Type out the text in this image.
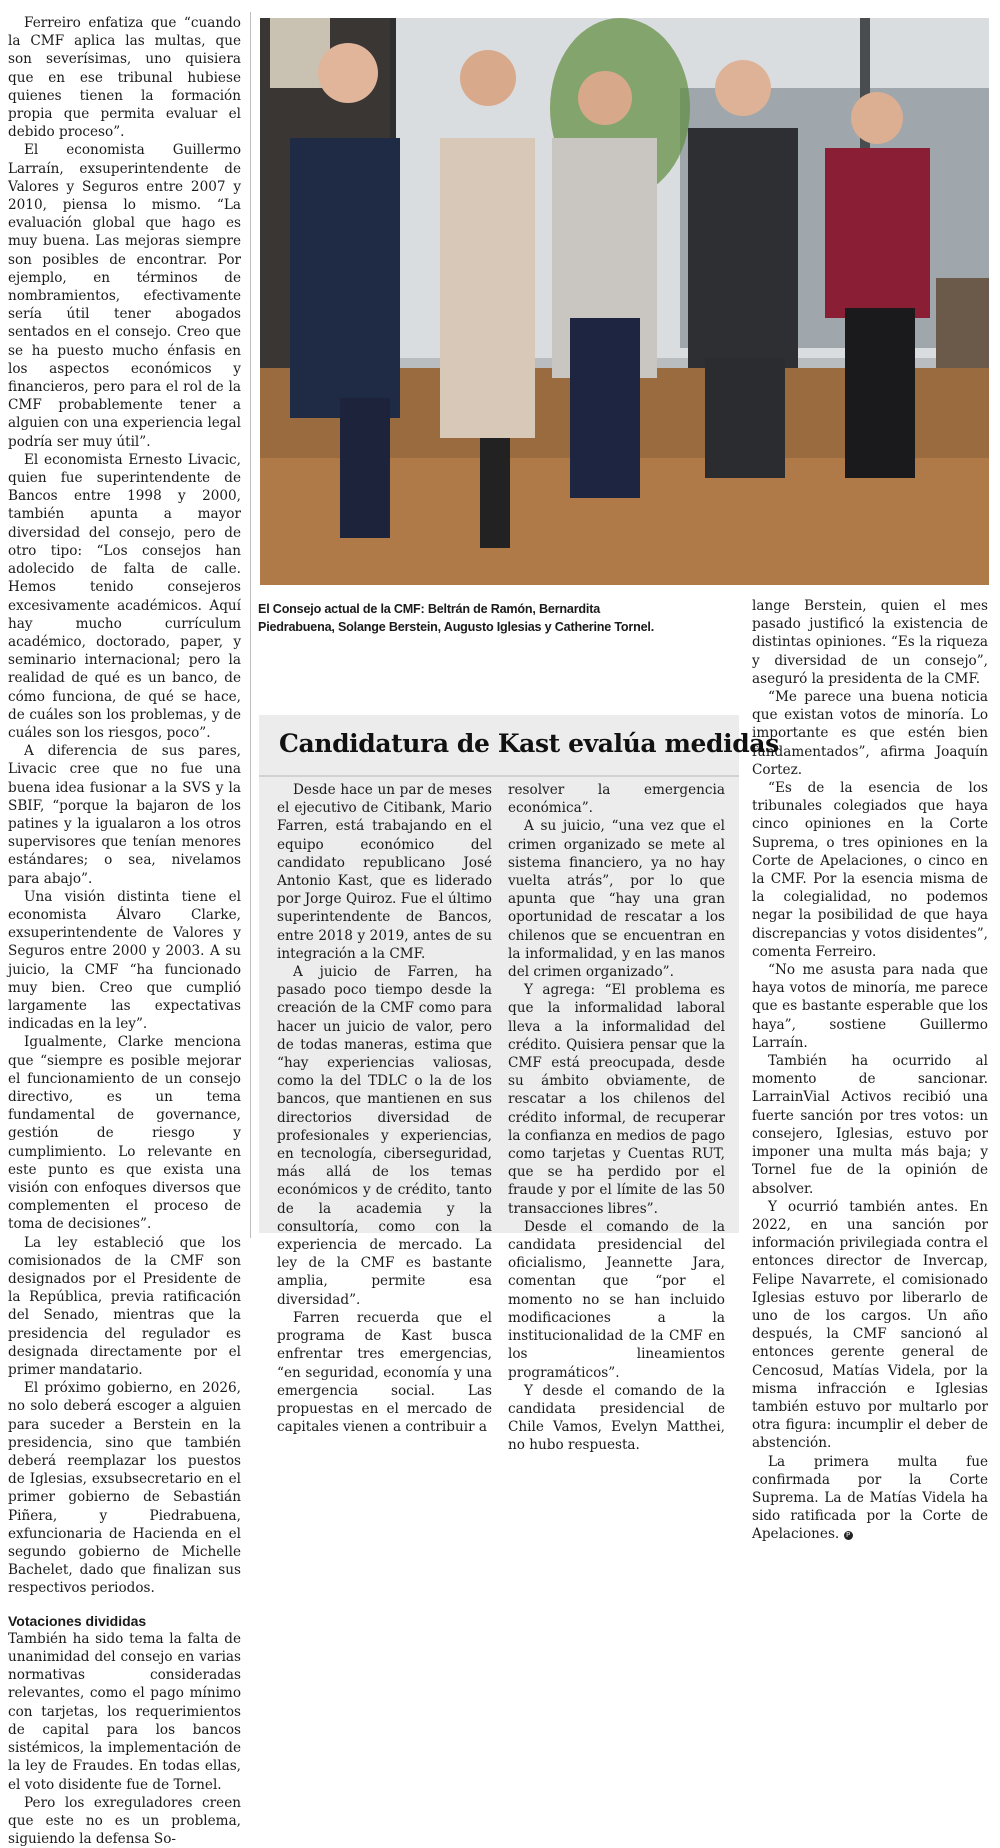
Ferreiro enfatiza que “cuando la CMF aplica las multas, que son severísimas, uno quisiera que en ese tribunal hubiese quienes tienen la formación propia que permita evaluar el debido proceso”.

El economista Guillermo Larraín, exsuperintendente de Valores y Seguros entre 2007 y 2010, piensa lo mismo. “La evaluación global que hago es muy buena. Las mejoras siempre son posibles de encontrar. Por ejemplo, en términos de nombramientos, efectivamente sería útil tener abogados sentados en el consejo. Creo que se ha puesto mucho énfasis en los aspectos económicos y financieros, pero para el rol de la CMF probablemente tener a alguien con una experiencia legal podría ser muy útil”.

El economista Ernesto Livacic, quien fue superintendente de Bancos entre 1998 y 2000, también apunta a mayor diversidad del consejo, pero de otro tipo: “Los consejos han adolecido de falta de calle. Hemos tenido consejeros excesivamente académicos. Aquí hay mucho currículum académico, doctorado, paper, y seminario internacional; pero la realidad de qué es un banco, de cómo funciona, de qué se hace, de cuáles son los problemas, y de cuáles son los riesgos, poco”.

A diferencia de sus pares, Livacic cree que no fue una buena idea fusionar a la SVS y la SBIF, “porque la bajaron de los patines y la igualaron a los otros supervisores que tenían menores estándares; o sea, nivelamos para abajo”.

Una visión distinta tiene el economista Álvaro Clarke, exsuperintendente de Valores y Seguros entre 2000 y 2003. A su juicio, la CMF “ha funcionado muy bien. Creo que cumplió largamente las expectativas indicadas en la ley”.

Igualmente, Clarke menciona que “siempre es posible mejorar el funcionamiento de un consejo directivo, es un tema fundamental de governance, gestión de riesgo y cumplimiento. Lo relevante en este punto es que exista una visión con enfoques diversos que complementen el proceso de toma de decisiones”.

La ley estableció que los comisionados de la CMF son designados por el Presidente de la República, previa ratificación del Senado, mientras que la presidencia del regulador es designada directamente por el primer mandatario.

El próximo gobierno, en 2026, no solo deberá escoger a alguien para suceder a Berstein en la presidencia, sino que también deberá reemplazar los puestos de Iglesias, exsubsecretario en el primer gobierno de Sebastián Piñera, y Piedrabuena, exfuncionaria de Hacienda en el segundo gobierno de Michelle Bachelet, dado que finalizan sus respectivos periodos.

Votaciones divididas

También ha sido tema la falta de unanimidad del consejo en varias normativas consideradas relevantes, como el pago mínimo con tarjetas, los requerimientos de capital para los bancos sistémicos, la implementación de la ley de Fraudes. En todas ellas, el voto disidente fue de Tornel.

Pero los exreguladores creen que este no es un problema, siguiendo la defensa So-

El Consejo actual de la CMF: Beltrán de Ramón, Bernardita Piedrabuena, Solange Berstein, Augusto Iglesias y Catherine Tornel.

lange Berstein, quien el mes pasado justificó la existencia de distintas opiniones. “Es la riqueza y diversidad de un consejo”, aseguró la presidenta de la CMF.

“Me parece una buena noticia que existan votos de minoría. Lo importante es que estén bien fundamentados”, afirma Joaquín Cortez.

“Es de la esencia de los tribunales colegiados que haya cinco opiniones en la Corte Suprema, o tres opiniones en la Corte de Apelaciones, o cinco en la CMF. Por la esencia misma de la colegialidad, no podemos negar la posibilidad de que haya discrepancias y votos disidentes”, comenta Ferreiro.

“No me asusta para nada que haya votos de minoría, me parece que es bastante esperable que los haya”, sostiene Guillermo Larraín.

También ha ocurrido al momento de sancionar. LarrainVial Activos recibió una fuerte sanción por tres votos: un consejero, Iglesias, estuvo por imponer una multa más baja; y Tornel fue de la opinión de absolver.

Y ocurrió también antes. En 2022, en una sanción por información privilegiada contra el entonces director de Invercap, Felipe Navarrete, el comisionado Iglesias estuvo por liberarlo de uno de los cargos. Un año después, la CMF sancionó al entonces gerente general de Cencosud, Matías Videla, por la misma infracción e Iglesias también estuvo por multarlo por otra figura: incumplir el deber de abstención.

La primera multa fue confirmada por la Corte Suprema. La de Matías Videla ha sido ratificada por la Corte de Apelaciones. P

Candidatura de Kast evalúa medidas

Desde hace un par de meses el ejecutivo de Citibank, Mario Farren, está trabajando en el equipo económico del candidato republicano José Antonio Kast, que es liderado por Jorge Quiroz. Fue el último superintendente de Bancos, entre 2018 y 2019, antes de su integración a la CMF.

A juicio de Farren, ha pasado poco tiempo desde la creación de la CMF como para hacer un juicio de valor, pero de todas maneras, estima que “hay experiencias valiosas, como la del TDLC o la de los bancos, que mantienen en sus directorios diversidad de profesionales y experiencias, en tecnología, ciberseguridad, más allá de los temas económicos y de crédito, tanto de la academia y la consultoría, como con la experiencia de mercado. La ley de la CMF es bastante amplia, permite esa diversidad”.

Farren recuerda que el programa de Kast busca enfrentar tres emergencias, “en seguridad, economía y una emergencia social. Las propuestas en el mercado de capitales vienen a contribuir a

resolver la emergencia económica”.

A su juicio, “una vez que el crimen organizado se mete al sistema financiero, ya no hay vuelta atrás”, por lo que apunta que “hay una gran oportunidad de rescatar a los chilenos que se encuentran en la informalidad, y en las manos del crimen organizado”.

Y agrega: “El problema es que la informalidad laboral lleva a la informalidad del crédito. Quisiera pensar que la CMF está preocupada, desde su ámbito obviamente, de rescatar a los chilenos del crédito informal, de recuperar la confianza en medios de pago como tarjetas y Cuentas RUT, que se ha perdido por el fraude y por el límite de las 50 transacciones libres”.

Desde el comando de la candidata presidencial del oficialismo, Jeannette Jara, comentan que “por el momento no se han incluido modificaciones a la institucionalidad de la CMF en los lineamientos programáticos”.

Y desde el comando de la candidata presidencial de Chile Vamos, Evelyn Matthei, no hubo respuesta.
